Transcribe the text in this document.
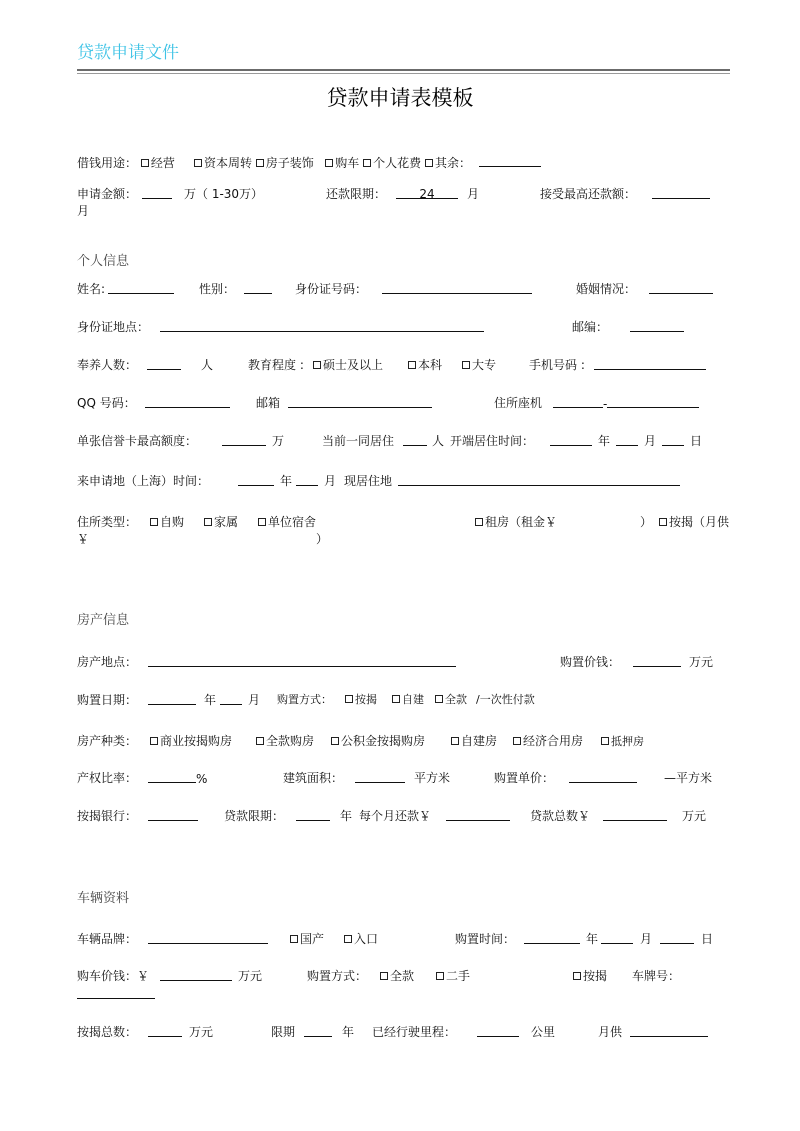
贷款申请文件
贷款申请表模板
借钱用途： 经营 资本周转 房子装饰 购车 个人花费 其余：
申请金额：	万（ 1-30万）	还款限期：	24	月	接受最高还款额：
月
个人信息
姓名:	性别：	身份证号码：	婚姻情况：
身份证地点：	邮编：
奉养人数：	人	教育程度 :	硕士及以上	本科	大专	手机号码 :
QQ 号码：	邮箱	住所座机	-
单张信誉卡最高额度：	万	当前一同居住	人 开端居住时间：	年	月	日
来申请地（上海）时间：	年	月 现居住地
住所类型：	自购	家属	单位宿舍	租房（租金￥	）	按揭（月供
￥	）
房产信息
房产地点：	购置价钱：	万元
购置日期：	年	月 购置方式：	按揭	自建	全款 /一次性付款
房产种类：	商业按揭购房	全款购房	公积金按揭购房	自建房	经济合用房	抵押房
产权比率：	%	建筑面积：	平方米	购置单价：	—平方米
按揭银行：	贷款限期：	年 每个月还款￥	贷款总数￥	万元
车辆资料
车辆品牌：	国产	入口	购置时间：	年	月	日
购车价钱：￥	万元	购置方式：	全款	二手	按揭 车牌号：
按揭总数：	万元	限期	年 已经行驶里程：	公里	月供
